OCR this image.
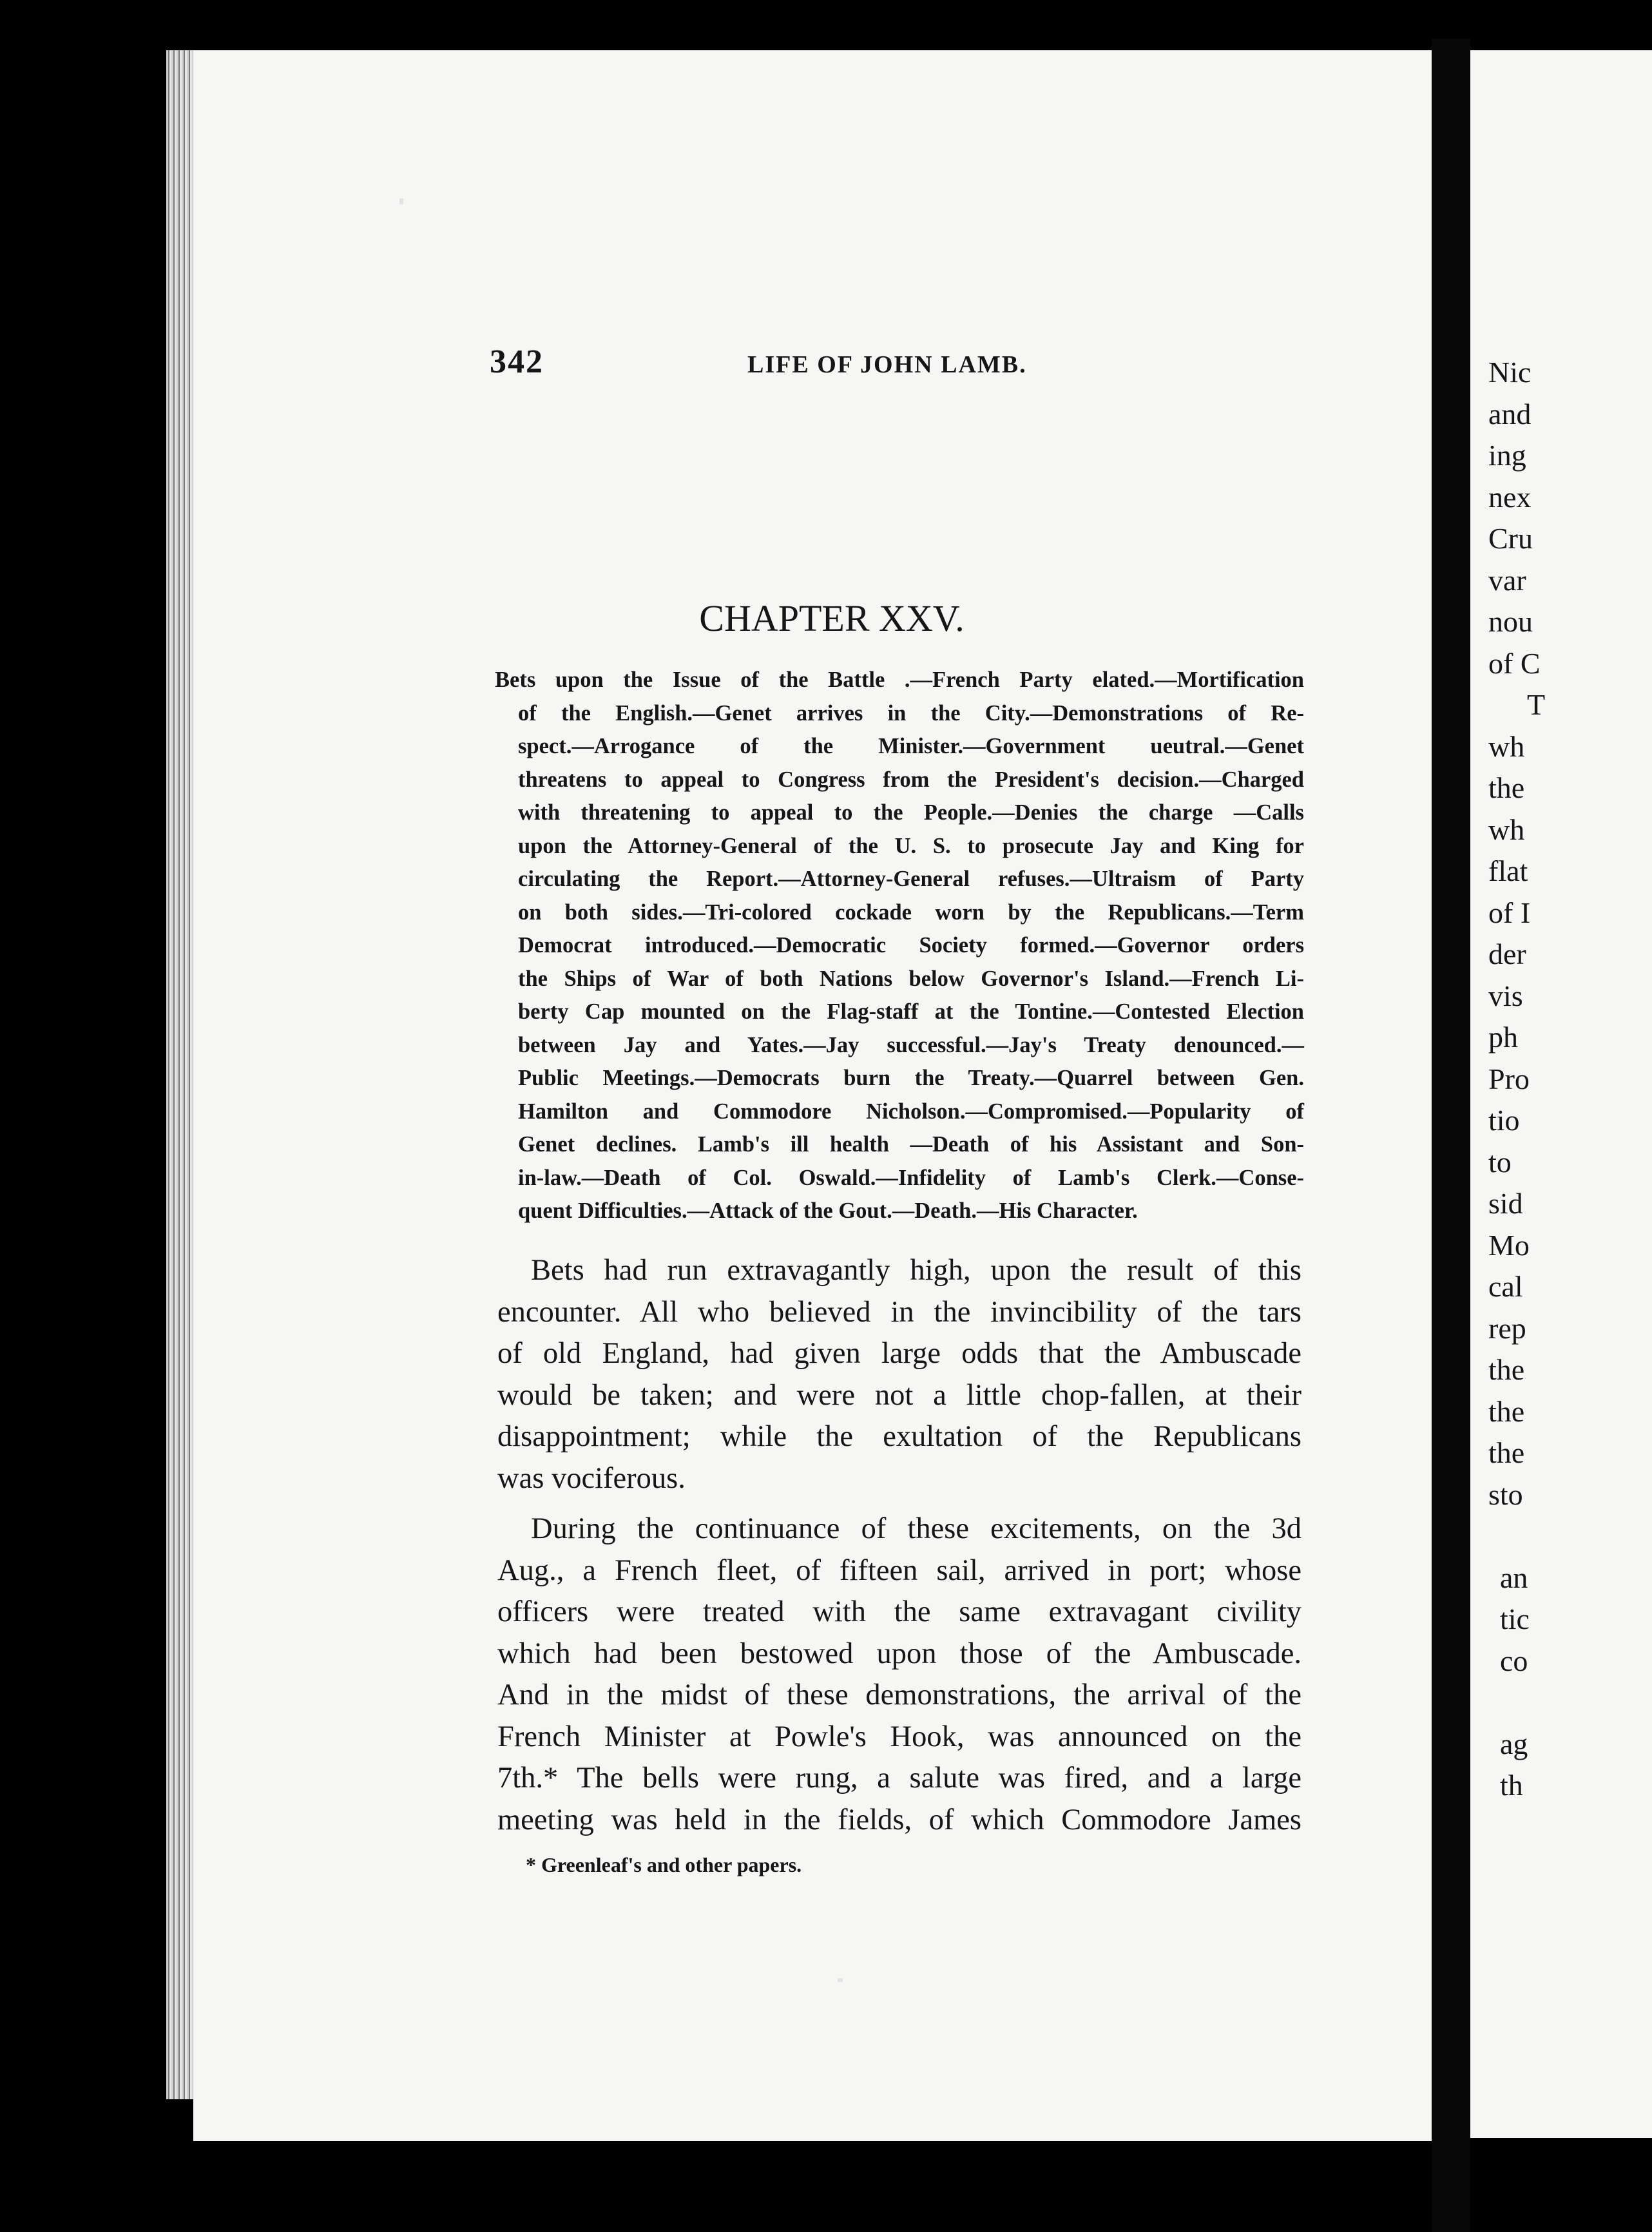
342	LIFE OF JOHN LAMB.
CHAPTER XXV.
Bets upon the Issue of the Battle .—French Party elated.—Mortification
of the English.—Genet arrives in the City.—Demonstrations of Re-
spect.—Arrogance of the Minister.—Government ueutral.—Genet
threatens to appeal to Congress from the President's decision.—Charged
with threatening to appeal to the People.—Denies the charge —Calls
upon the Attorney-General of the U. S. to prosecute Jay and King for
circulating the Report.—Attorney-General refuses.—Ultraism of Party
on both sides.—Tri-colored cockade worn by the Republicans.—Term
Democrat introduced.—Democratic Society formed.—Governor orders
the Ships of War of both Nations below Governor's Island.—French Li-
berty Cap mounted on the Flag-staff at the Tontine.—Contested Election
between Jay and Yates.—Jay successful.—Jay's Treaty denounced.—
Public Meetings.—Democrats burn the Treaty.—Quarrel between Gen.
Hamilton and Commodore Nicholson.—Compromised.—Popularity of
Genet declines. Lamb's ill health —Death of his Assistant and Son-
in-law.—Death of Col. Oswald.—Infidelity of Lamb's Clerk.—Conse-
quent Difficulties.—Attack of the Gout.—Death.—His Character.
Bets had run extravagantly high, upon the result of this
encounter. All who believed in the invincibility of the tars
of old England, had given large odds that the Ambuscade
would be taken; and were not a little chop-fallen, at their
disappointment; while the exultation of the Republicans
was vociferous.
During the continuance of these excitements, on the 3d
Aug., a French fleet, of fifteen sail, arrived in port; whose
officers were treated with the same extravagant civility
which had been bestowed upon those of the Ambuscade.
And in the midst of these demonstrations, the arrival of the
French Minister at Powle's Hook, was announced on the
7th.* The bells were rung, a salute was fired, and a large
meeting was held in the fields, of which Commodore James
* Greenleaf's and other papers.
Nic
and
ing
nex
Cru
var
nou
of C
T
wh
the
wh
flat
of I
der
vis
ph
Pro
tio
to
sid
Mo
cal
rep
the
the
the
sto
an
tic
co
ag
th
